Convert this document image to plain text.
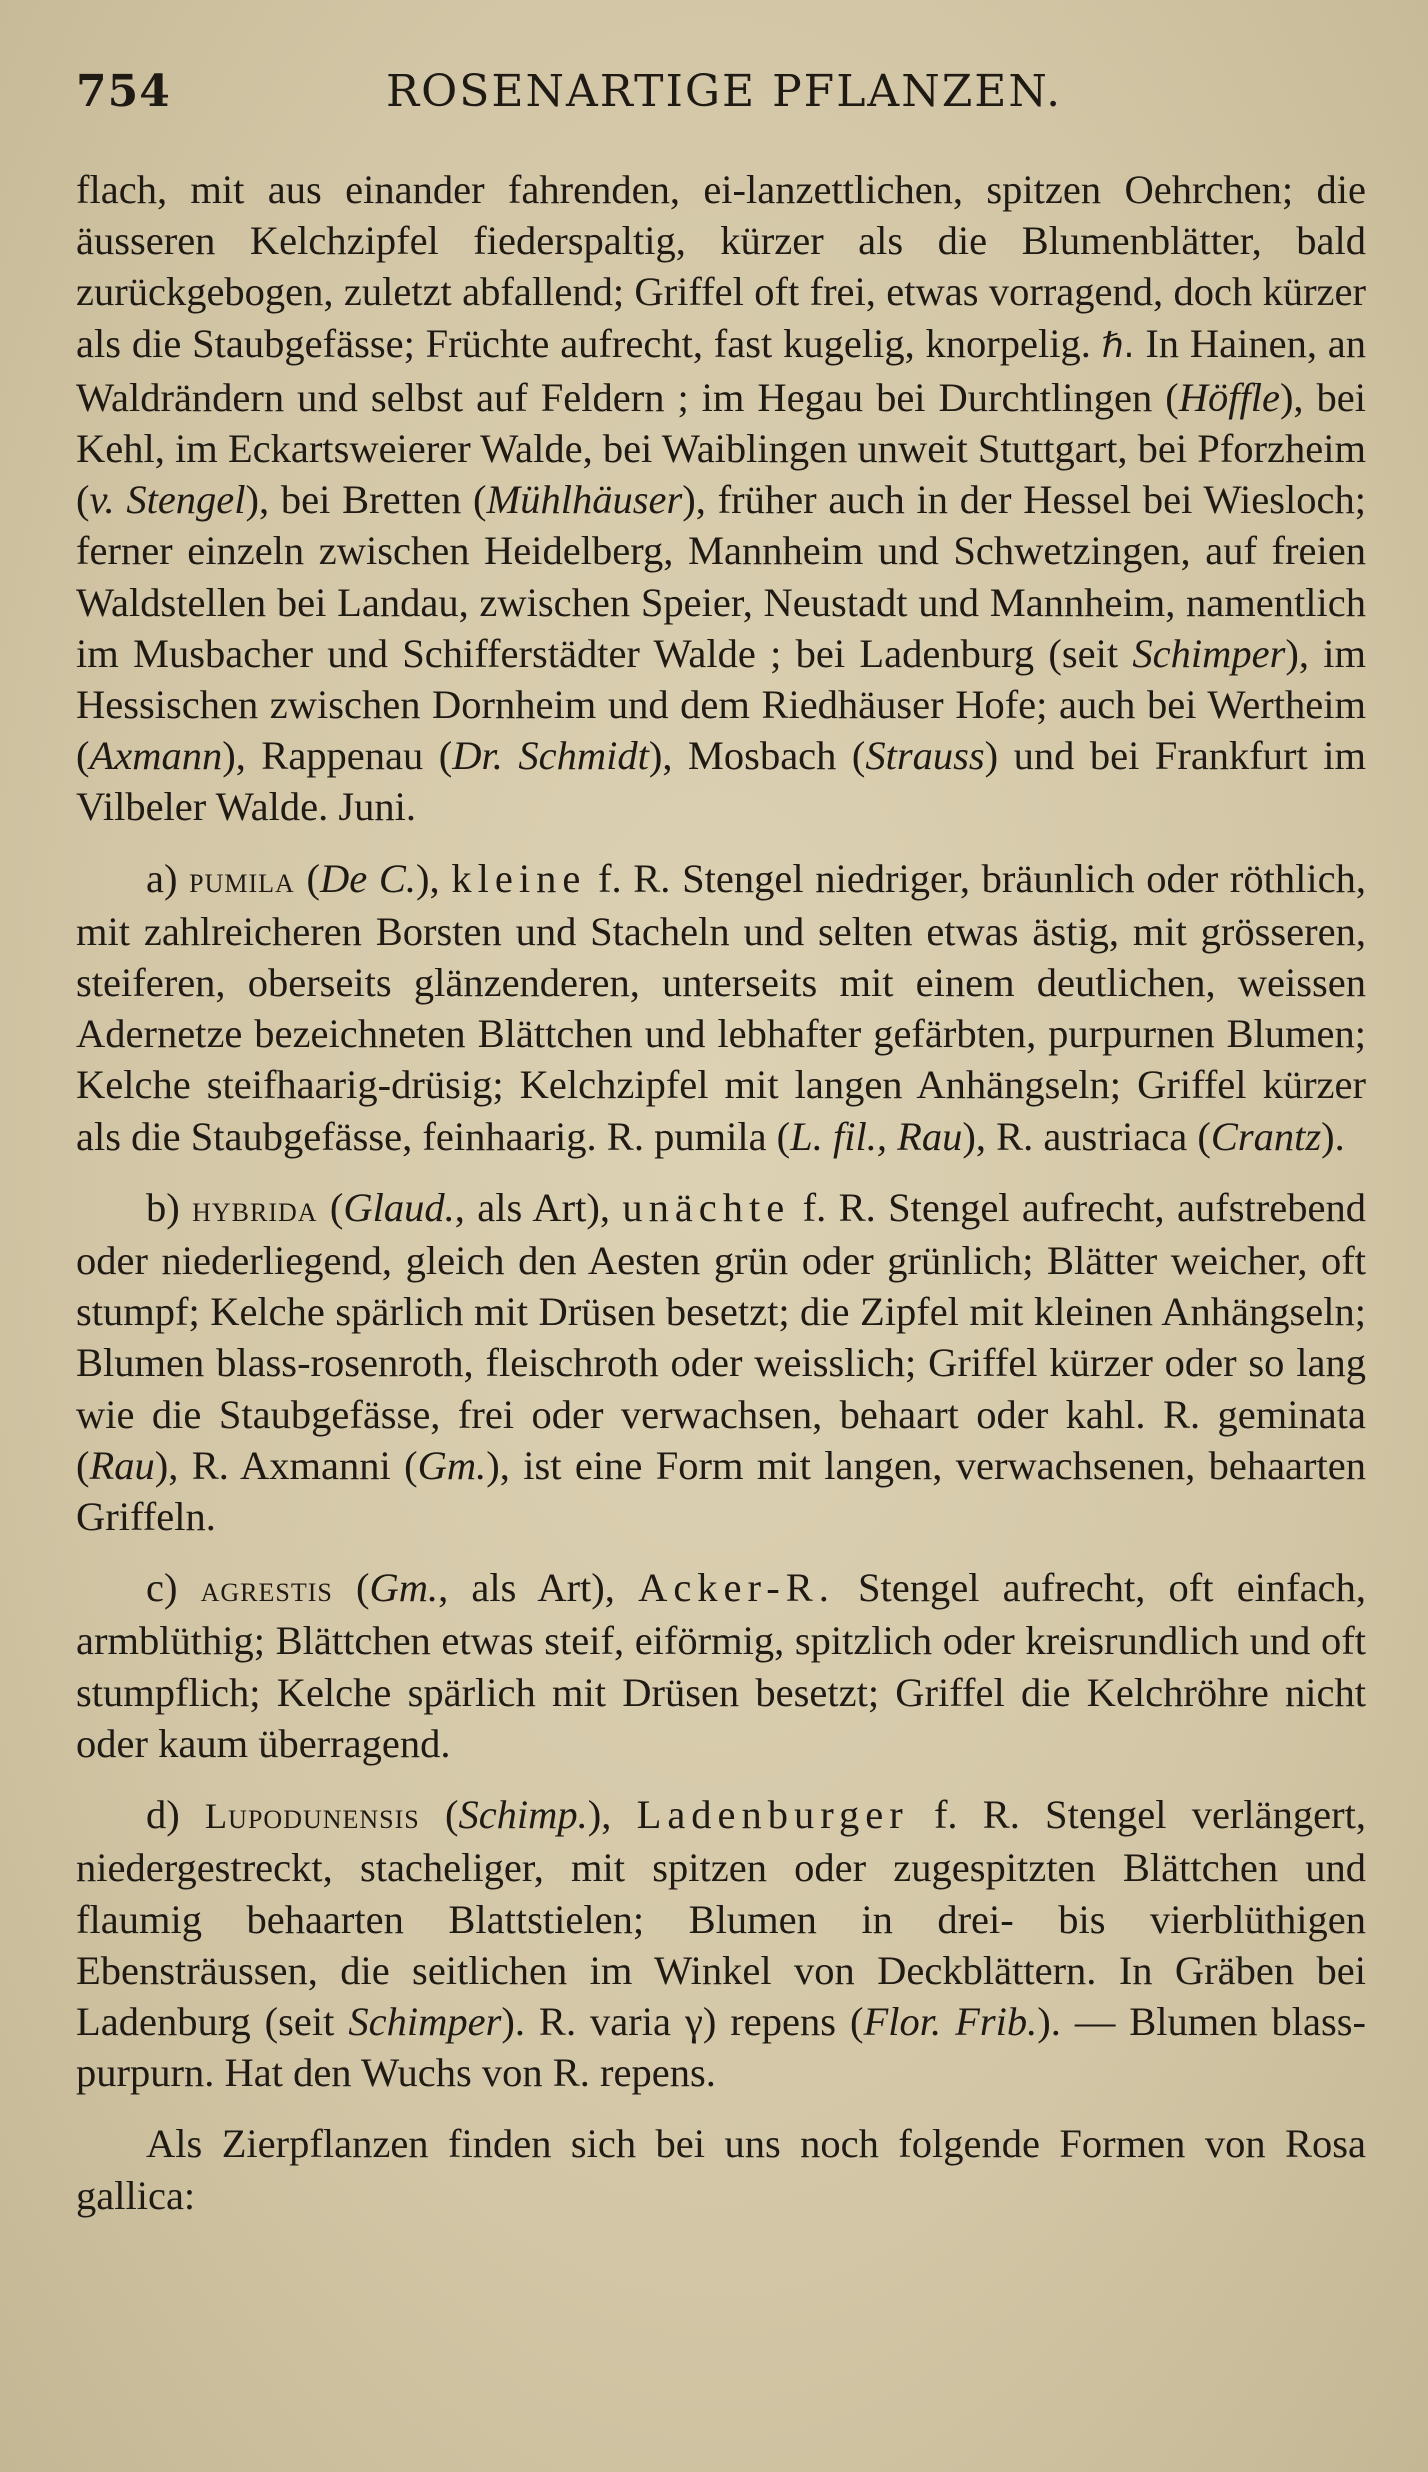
754	ROSENARTIGE PFLANZEN.

flach, mit aus einander fahrenden, ei-lanzettlichen, spitzen Oehrchen; die äusseren Kelchzipfel fiederspaltig, kürzer als die Blumenblätter, bald zurückgebogen, zuletzt abfallend; Griffel oft frei, etwas vorragend, doch kürzer als die Staubgefässe; Früchte aufrecht, fast kugelig, knorpelig. ℏ. In Hainen, an Waldrändern und selbst auf Feldern ; im Hegau bei Durchtlingen (Höffle), bei Kehl, im Eckartsweierer Walde, bei Waiblingen unweit Stuttgart, bei Pforzheim (v. Stengel), bei Bretten (Mühlhäuser), früher auch in der Hessel bei Wiesloch; ferner einzeln zwischen Heidelberg, Mannheim und Schwetzingen, auf freien Waldstellen bei Landau, zwischen Speier, Neustadt und Mannheim, namentlich im Musbacher und Schifferstädter Walde ; bei Ladenburg (seit Schimper), im Hessischen zwischen Dornheim und dem Riedhäuser Hofe; auch bei Wertheim (Axmann), Rappenau (Dr. Schmidt), Mosbach (Strauss) und bei Frankfurt im Vilbeler Walde. Juni.

a) pumila (De C.), kleine f. R. Stengel niedriger, bräunlich oder röthlich, mit zahlreicheren Borsten und Stacheln und selten etwas ästig, mit grösseren, steiferen, oberseits glänzenderen, unterseits mit einem deutlichen, weissen Adernetze bezeichneten Blättchen und lebhafter gefärbten, purpurnen Blumen; Kelche steifhaarig-drüsig; Kelchzipfel mit langen Anhängseln; Griffel kürzer als die Staubgefässe, feinhaarig. R. pumila (L. fil., Rau), R. austriaca (Crantz).

b) hybrida (Glaud., als Art), unächte f. R. Stengel aufrecht, aufstrebend oder niederliegend, gleich den Aesten grün oder grünlich; Blätter weicher, oft stumpf; Kelche spärlich mit Drüsen besetzt; die Zipfel mit kleinen Anhängseln; Blumen blass-rosenroth, fleischroth oder weisslich; Griffel kürzer oder so lang wie die Staubgefässe, frei oder verwachsen, behaart oder kahl. R. geminata (Rau), R. Axmanni (Gm.), ist eine Form mit langen, verwachsenen, behaarten Griffeln.

c) agrestis (Gm., als Art), Acker-R. Stengel aufrecht, oft einfach, armblüthig; Blättchen etwas steif, eiförmig, spitzlich oder kreisrundlich und oft stumpflich; Kelche spärlich mit Drüsen besetzt; Griffel die Kelchröhre nicht oder kaum überragend.

d) Lupodunensis (Schimp.), Ladenburger f. R. Stengel verlängert, niedergestreckt, stacheliger, mit spitzen oder zugespitzten Blättchen und flaumig behaarten Blattstielen; Blumen in drei- bis vierblüthigen Ebensträussen, die seitlichen im Winkel von Deckblättern. In Gräben bei Ladenburg (seit Schimper). R. varia γ) repens (Flor. Frib.). — Blumen blass-purpurn. Hat den Wuchs von R. repens.

Als Zierpflanzen finden sich bei uns noch folgende Formen von Rosa gallica:
